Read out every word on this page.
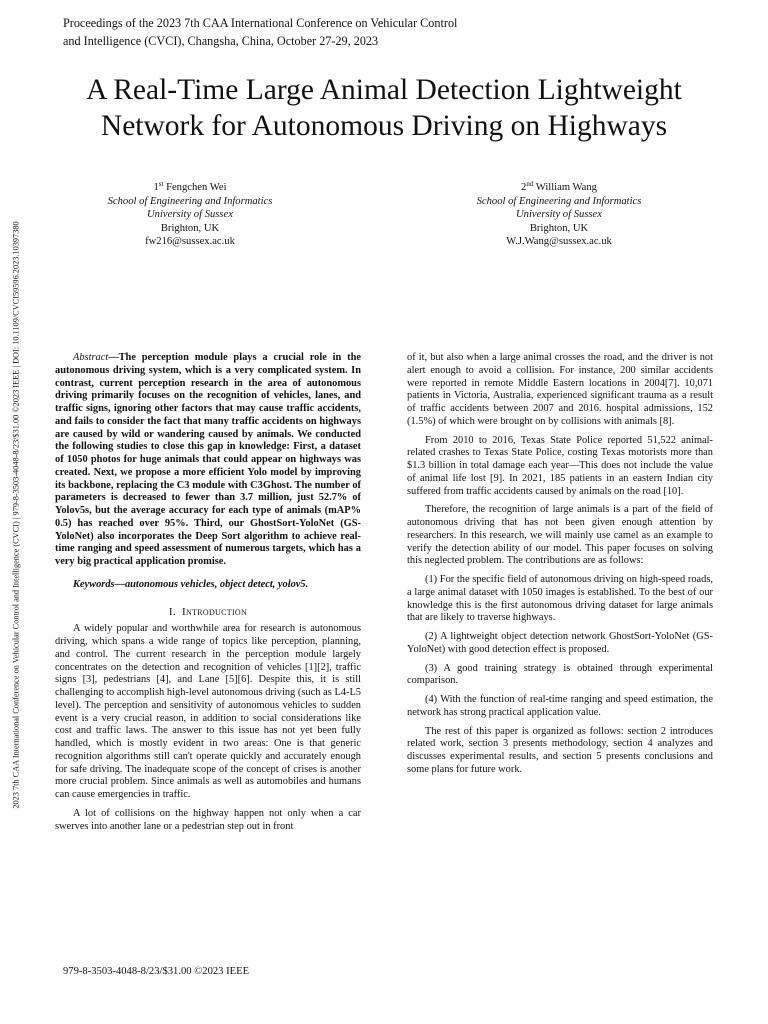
Proceedings of the 2023 7th CAA International Conference on Vehicular Control
and Intelligence (CVCI), Changsha, China, October 27-29, 2023
2023 7th CAA International Conference on Vehicular Control and Intelligence (CVCI) | 979-8-3503-4048-8/23/$31.00 ©2023 IEEE | DOI: 10.1109/CVCI59596.2023.10397380
A Real-Time Large Animal Detection Lightweight
Network for Autonomous Driving on Highways
1st Fengchen Wei
School of Engineering and Informatics
University of Sussex
Brighton, UK
fw216@sussex.ac.uk
2nd William Wang
School of Engineering and Informatics
University of Sussex
Brighton, UK
W.J.Wang@sussex.ac.uk

Abstract—The perception module plays a crucial role in the autonomous driving system, which is a very complicated system. In contrast, current perception research in the area of autonomous driving primarily focuses on the recognition of vehicles, lanes, and traffic signs, ignoring other factors that may cause traffic accidents, and fails to consider the fact that many traffic accidents on highways are caused by wild or wandering caused by animals. We conducted the following studies to close this gap in knowledge: First, a dataset of 1050 photos for huge animals that could appear on highways was created. Next, we propose a more efficient Yolo model by improving its backbone, replacing the C3 module with C3Ghost. The number of parameters is decreased to fewer than 3.7 million, just 52.7% of Yolov5s, but the average accuracy for each type of animals (mAP% 0.5) has reached over 95%. Third, our GhostSort-YoloNet (GS-YoloNet) also incorporates the Deep Sort algorithm to achieve real-time ranging and speed assessment of numerous targets, which has a very big practical application promise.

Keywords—autonomous vehicles, object detect, yolov5.

I. Introduction

A widely popular and worthwhile area for research is autonomous driving, which spans a wide range of topics like perception, planning, and control. The current research in the perception module largely concentrates on the detection and recognition of vehicles [1][2], traffic signs [3], pedestrians [4], and Lane [5][6]. Despite this, it is still challenging to accomplish high-level autonomous driving (such as L4-L5 level). The perception and sensitivity of autonomous vehicles to sudden event is a very crucial reason, in addition to social considerations like cost and traffic laws. The answer to this issue has not yet been fully handled, which is mostly evident in two areas: One is that generic recognition algorithms still can't operate quickly and accurately enough for safe driving. The inadequate scope of the concept of crises is another more crucial problem. Since animals as well as automobiles and humans can cause emergencies in traffic.

A lot of collisions on the highway happen not only when a car swerves into another lane or a pedestrian step out in front

of it, but also when a large animal crosses the road, and the driver is not alert enough to avoid a collision. For instance, 200 similar accidents were reported in remote Middle Eastern locations in 2004[7]. 10,071 patients in Victoria, Australia, experienced significant trauma as a result of traffic accidents between 2007 and 2016. hospital admissions, 152 (1.5%) of which were brought on by collisions with animals [8].

From 2010 to 2016, Texas State Police reported 51,522 animal-related crashes to Texas State Police, costing Texas motorists more than $1.3 billion in total damage each year—This does not include the value of animal life lost [9]. In 2021, 185 patients in an eastern Indian city suffered from traffic accidents caused by animals on the road [10].

Therefore, the recognition of large animals is a part of the field of autonomous driving that has not been given enough attention by researchers. In this research, we will mainly use camel as an example to verify the detection ability of our model. This paper focuses on solving this neglected problem. The contributions are as follows:

(1) For the specific field of autonomous driving on high-speed roads, a large animal dataset with 1050 images is established. To the best of our knowledge this is the first autonomous driving dataset for large animals that are likely to traverse highways.

(2) A lightweight object detection network GhostSort-YoloNet (GS-YoloNet) with good detection effect is proposed.

(3) A good training strategy is obtained through experimental comparison.

(4) With the function of real-time ranging and speed estimation, the network has strong practical application value.

The rest of this paper is organized as follows: section 2 introduces related work, section 3 presents methodology, section 4 analyzes and discusses experimental results, and section 5 presents conclusions and some plans for future work.

979-8-3503-4048-8/23/$31.00 ©2023 IEEE
